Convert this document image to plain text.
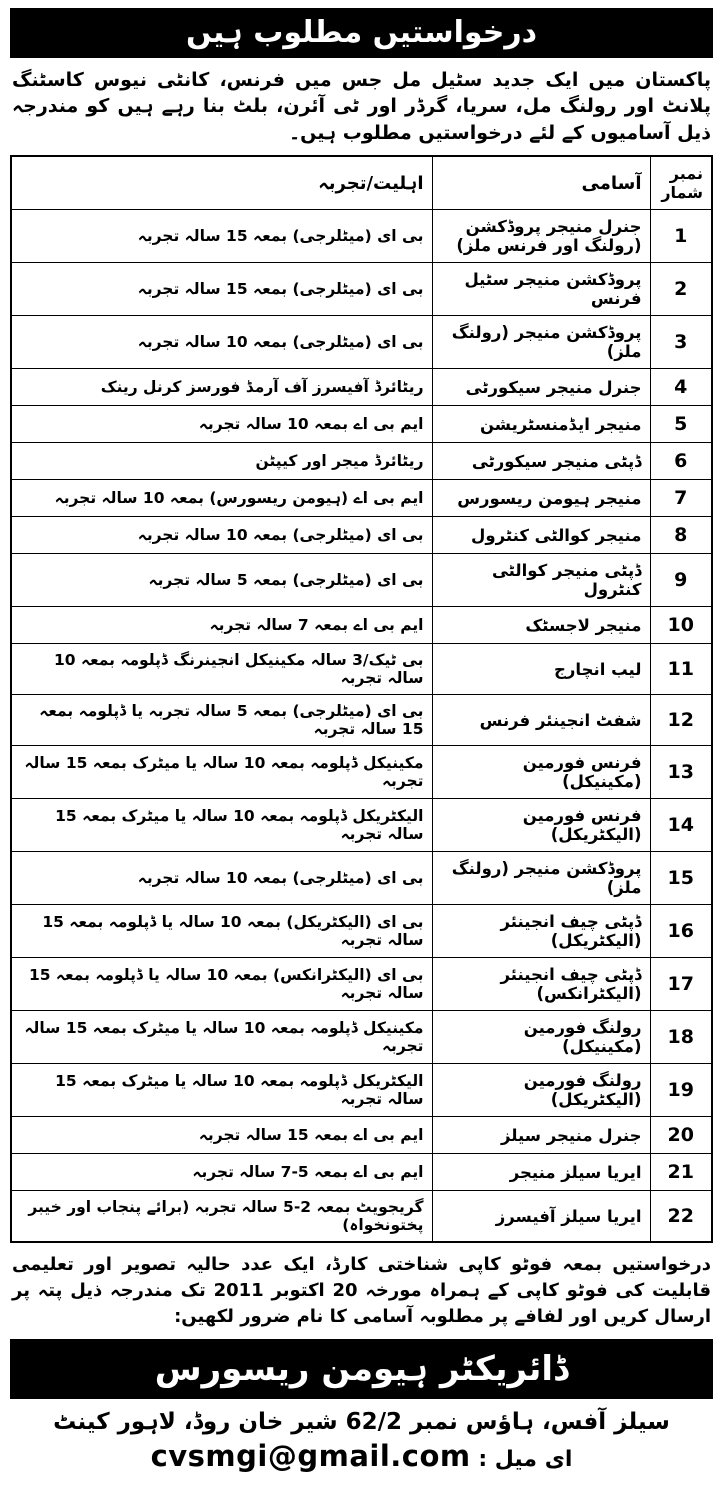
درخواستیں مطلوب ہیں

پاکستان میں ایک جدید سٹیل مل جس میں فرنس، کانٹی نیوس کاسٹنگ پلانٹ اور رولنگ مل، سریا، گرڈر اور ٹی آئرن، بلٹ بنا رہے ہیں کو مندرجہ ذیل آسامیوں کے لئے درخواستیں مطلوب ہیں۔

نمبرشمار	آسامی	اہلیت/تجربہ
1	جنرل منیجر پروڈکشن (رولنگ اور فرنس ملز)	بی ای (میٹلرجی) بمعہ 15 سالہ تجربہ
2	پروڈکشن منیجر سٹیل فرنس	بی ای (میٹلرجی) بمعہ 15 سالہ تجربہ
3	پروڈکشن منیجر (رولنگ ملز)	بی ای (میٹلرجی) بمعہ 10 سالہ تجربہ
4	جنرل منیجر سیکورٹی	ریٹائرڈ آفیسرز آف آرمڈ فورسز کرنل رینک
5	منیجر ایڈمنسٹریشن	ایم بی اے بمعہ 10 سالہ تجربہ
6	ڈپٹی منیجر سیکورٹی	ریٹائرڈ میجر اور کیپٹن
7	منیجر ہیومن ریسورس	ایم بی اے (ہیومن ریسورس) بمعہ 10 سالہ تجربہ
8	منیجر کوالٹی کنٹرول	بی ای (میٹلرجی) بمعہ 10 سالہ تجربہ
9	ڈپٹی منیجر کوالٹی کنٹرول	بی ای (میٹلرجی) بمعہ 5 سالہ تجربہ
10	منیجر لاجسٹک	ایم بی اے بمعہ 7 سالہ تجربہ
11	لیب انچارج	بی ٹیک/3 سالہ مکینیکل انجینرنگ ڈپلومہ بمعہ 10 سالہ تجربہ
12	شفٹ انجینئر فرنس	بی ای (میٹلرجی) بمعہ 5 سالہ تجربہ یا ڈپلومہ بمعہ 15 سالہ تجربہ
13	فرنس فورمین (مکینیکل)	مکینیکل ڈپلومہ بمعہ 10 سالہ یا میٹرک بمعہ 15 سالہ تجربہ
14	فرنس فورمین (الیکٹریکل)	الیکٹریکل ڈپلومہ بمعہ 10 سالہ یا میٹرک بمعہ 15 سالہ تجربہ
15	پروڈکشن منیجر (رولنگ ملز)	بی ای (میٹلرجی) بمعہ 10 سالہ تجربہ
16	ڈپٹی چیف انجینئر (الیکٹریکل)	بی ای (الیکٹریکل) بمعہ 10 سالہ یا ڈپلومہ بمعہ 15 سالہ تجربہ
17	ڈپٹی چیف انجینئر (الیکٹرانکس)	بی ای (الیکٹرانکس) بمعہ 10 سالہ یا ڈپلومہ بمعہ 15 سالہ تجربہ
18	رولنگ فورمین (مکینیکل)	مکینیکل ڈپلومہ بمعہ 10 سالہ یا میٹرک بمعہ 15 سالہ تجربہ
19	رولنگ فورمین (الیکٹریکل)	الیکٹریکل ڈپلومہ بمعہ 10 سالہ یا میٹرک بمعہ 15 سالہ تجربہ
20	جنرل منیجر سیلز	ایم بی اے بمعہ 15 سالہ تجربہ
21	ایریا سیلز منیجر	ایم بی اے بمعہ 5-7 سالہ تجربہ
22	ایریا سیلز آفیسرز	گریجویٹ بمعہ 2-5 سالہ تجربہ (برائے پنجاب اور خیبر پختونخواہ)

درخواستیں بمعہ فوٹو کاپی شناختی کارڈ، ایک عدد حالیہ تصویر اور تعلیمی قابلیت کی فوٹو کاپی کے ہمراہ مورخہ 20 اکتوبر 2011 تک مندرجہ ذیل پتہ پر ارسال کریں اور لفافے پر مطلوبہ آسامی کا نام ضرور لکھیں:

ڈائریکٹر ہیومن ریسورس
سیلز آفس، ہاؤس نمبر 62/2 شیر خان روڈ، لاہور کینٹ
ای میل : cvsmgi@gmail.com
